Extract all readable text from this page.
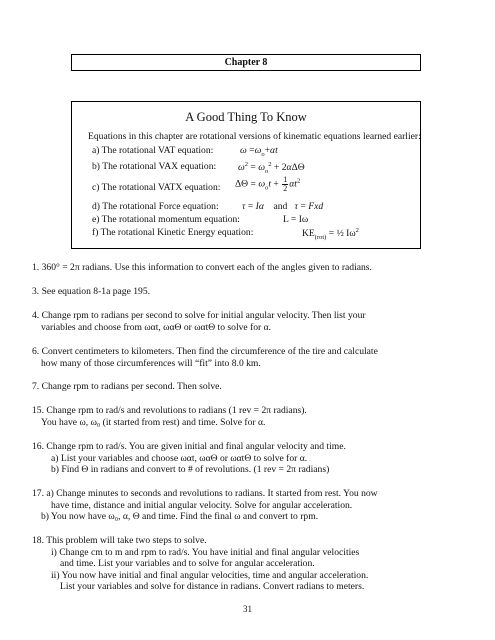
Chapter 8
A Good Thing To Know
Equations in this chapter are rotational versions of kinematic equations learned earlier:
a) The rotational VAT equation:	$\omega =\omega_o+\alpha t$
b) The rotational VAX equation: $\omega^2 = \omega_o^2 + 2\alpha\Delta\Theta$
c) The rotational VATX equation: $\Delta\Theta = \omega_ot + \frac{1}{2} \alpha t^2$
d) The rotational Force equation: τ = Iα    and   τ = Fxd
e) The rotational momentum equation:	L = Iω
f) The rotational Kinetic Energy equation:	$KE_{(rot)}$ = ½ $I\omega^2$

1. 360° = 2π radians. Use this information to convert each of the angles given to radians.

3. See equation 8-1a page 195.

4. Change rpm to radians per second to solve for initial angular velocity. Then list your

variables and choose from ωαt, ωαΘ or ωαtΘ to solve for α.

6. Convert centimeters to kilometers. Then find the circumference of the tire and calculate

how many of those circumferences will “fit” into 8.0 km.

7. Change rpm to radians per second. Then solve.

15. Change rpm to rad/s and revolutions to radians (1 rev = 2π radians).

You have ω, ω₀ (it started from rest) and time. Solve for α.

16. Change rpm to rad/s. You are given initial and final angular velocity and time.

a) List your variables and choose ωαt, ωαΘ or ωαtΘ to solve for α.

b) Find Θ in radians and convert to # of revolutions. (1 rev = 2π radians)

17. a) Change minutes to seconds and revolutions to radians. It started from rest. You now

have time, distance and initial angular velocity. Solve for angular acceleration.

b) You now have ω₀, α, Θ and time. Find the final ω and convert to rpm.

18. This problem will take two steps to solve.

i) Change cm to m and rpm to rad/s. You have initial and final angular velocities

and time. List your variables and to solve for angular acceleration.

ii) You now have initial and final angular velocities, time and angular acceleration.

List your variables and solve for distance in radians. Convert radians to meters.

31
